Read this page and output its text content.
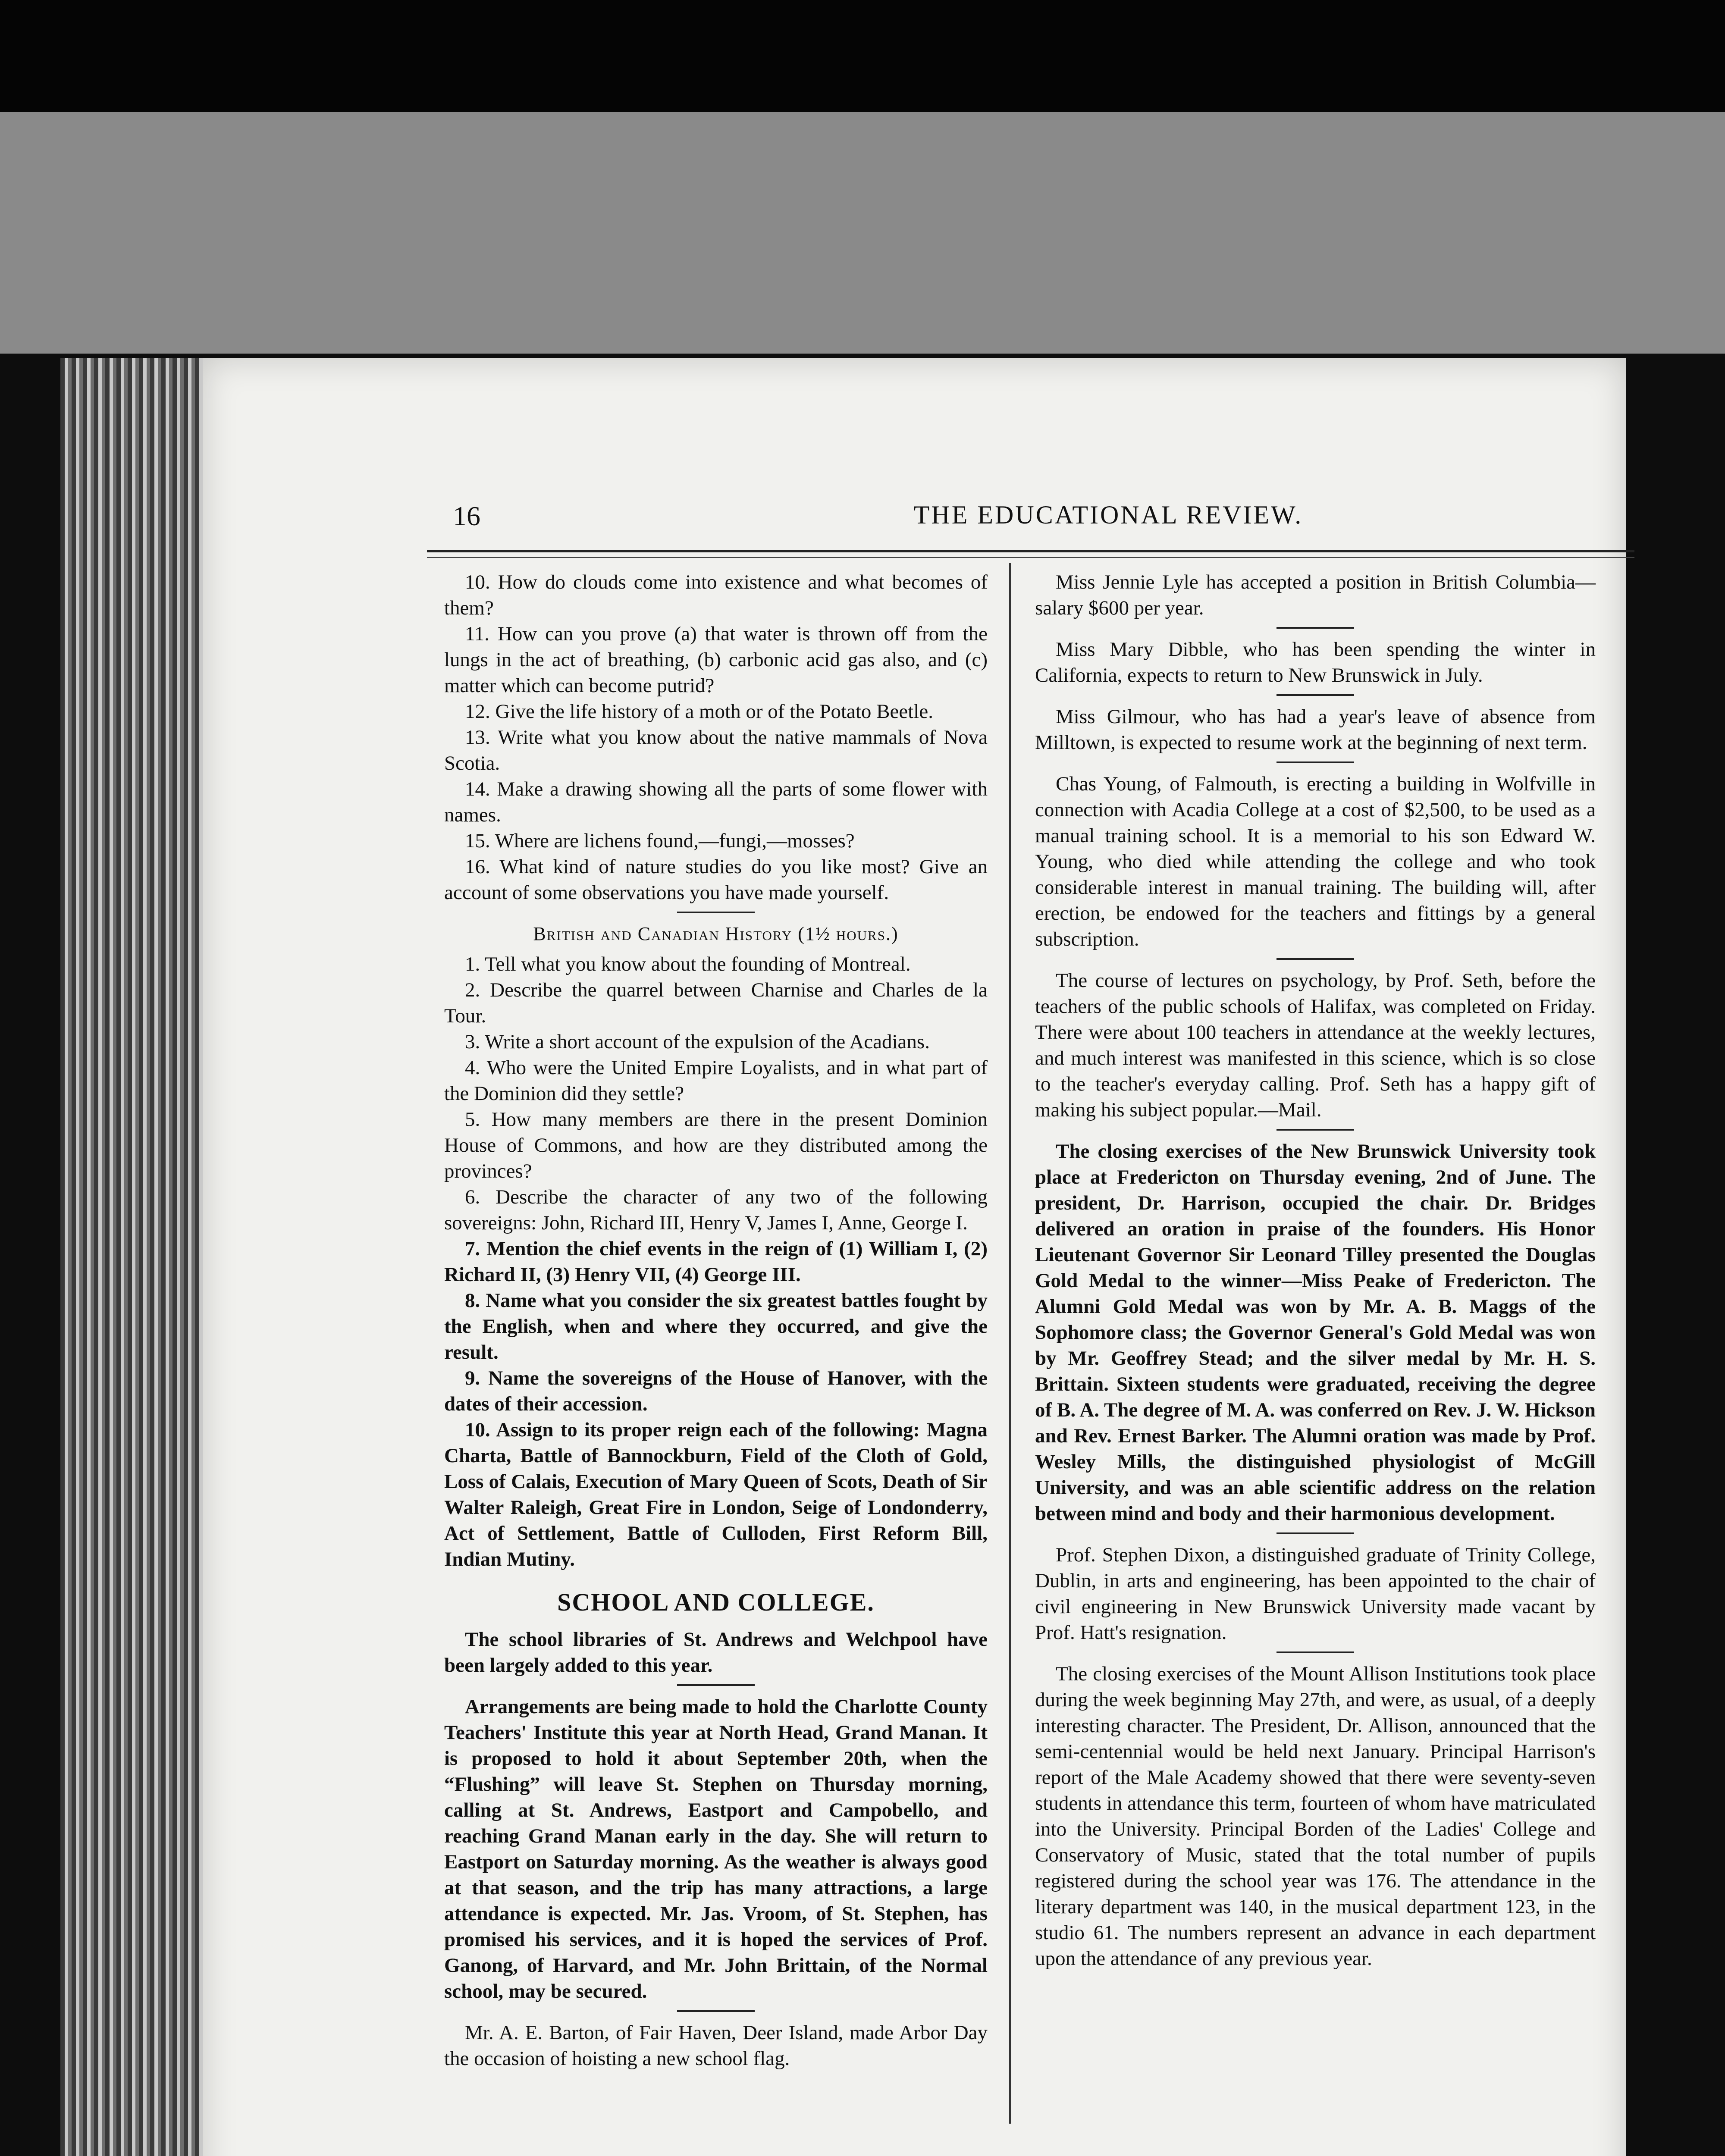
16	THE EDUCATIONAL REVIEW.

10. How do clouds come into existence and what becomes of them?

11. How can you prove (a) that water is thrown off from the lungs in the act of breathing, (b) carbonic acid gas also, and (c) matter which can become putrid?

12. Give the life history of a moth or of the Potato Beetle.

13. Write what you know about the native mammals of Nova Scotia.

14. Make a drawing showing all the parts of some flower with names.

15. Where are lichens found,—fungi,—mosses?

16. What kind of nature studies do you like most? Give an account of some observations you have made yourself.

British and Canadian History (1½ hours.)

1. Tell what you know about the founding of Montreal.

2. Describe the quarrel between Charnise and Charles de la Tour.

3. Write a short account of the expulsion of the Acadians.

4. Who were the United Empire Loyalists, and in what part of the Dominion did they settle?

5. How many members are there in the present Dominion House of Commons, and how are they distributed among the provinces?

6. Describe the character of any two of the following sovereigns: John, Richard III, Henry V, James I, Anne, George I.

7. Mention the chief events in the reign of (1) William I, (2) Richard II, (3) Henry VII, (4) George III.

8. Name what you consider the six greatest battles fought by the English, when and where they occurred, and give the result.

9. Name the sovereigns of the House of Hanover, with the dates of their accession.

10. Assign to its proper reign each of the following: Magna Charta, Battle of Bannockburn, Field of the Cloth of Gold, Loss of Calais, Execution of Mary Queen of Scots, Death of Sir Walter Raleigh, Great Fire in London, Seige of Londonderry, Act of Settlement, Battle of Culloden, First Reform Bill, Indian Mutiny.

SCHOOL AND COLLEGE.

The school libraries of St. Andrews and Welchpool have been largely added to this year.

Arrangements are being made to hold the Charlotte County Teachers' Institute this year at North Head, Grand Manan. It is proposed to hold it about September 20th, when the “Flushing” will leave St. Stephen on Thursday morning, calling at St. Andrews, Eastport and Campobello, and reaching Grand Manan early in the day. She will return to Eastport on Saturday morning. As the weather is always good at that season, and the trip has many attractions, a large attendance is expected. Mr. Jas. Vroom, of St. Stephen, has promised his services, and it is hoped the services of Prof. Ganong, of Harvard, and Mr. John Brittain, of the Normal school, may be secured.

Mr. A. E. Barton, of Fair Haven, Deer Island, made Arbor Day the occasion of hoisting a new school flag.

Miss Jennie Lyle has accepted a position in British Columbia—salary $600 per year.

Miss Mary Dibble, who has been spending the winter in California, expects to return to New Brunswick in July.

Miss Gilmour, who has had a year's leave of absence from Milltown, is expected to resume work at the beginning of next term.

Chas Young, of Falmouth, is erecting a building in Wolfville in connection with Acadia College at a cost of $2,500, to be used as a manual training school. It is a memorial to his son Edward W. Young, who died while attending the college and who took considerable interest in manual training. The building will, after erection, be endowed for the teachers and fittings by a general subscription.

The course of lectures on psychology, by Prof. Seth, before the teachers of the public schools of Halifax, was completed on Friday. There were about 100 teachers in attendance at the weekly lectures, and much interest was manifested in this science, which is so close to the teacher's everyday calling. Prof. Seth has a happy gift of making his subject popular.—Mail.

The closing exercises of the New Brunswick University took place at Fredericton on Thursday evening, 2nd of June. The president, Dr. Harrison, occupied the chair. Dr. Bridges delivered an oration in praise of the founders. His Honor Lieutenant Governor Sir Leonard Tilley presented the Douglas Gold Medal to the winner—Miss Peake of Fredericton. The Alumni Gold Medal was won by Mr. A. B. Maggs of the Sophomore class; the Governor General's Gold Medal was won by Mr. Geoffrey Stead; and the silver medal by Mr. H. S. Brittain. Sixteen students were graduated, receiving the degree of B. A. The degree of M. A. was conferred on Rev. J. W. Hickson and Rev. Ernest Barker. The Alumni oration was made by Prof. Wesley Mills, the distinguished physiologist of McGill University, and was an able scientific address on the relation between mind and body and their harmonious development.

Prof. Stephen Dixon, a distinguished graduate of Trinity College, Dublin, in arts and engineering, has been appointed to the chair of civil engineering in New Brunswick University made vacant by Prof. Hatt's resignation.

The closing exercises of the Mount Allison Institutions took place during the week beginning May 27th, and were, as usual, of a deeply interesting character. The President, Dr. Allison, announced that the semi-centennial would be held next January. Principal Harrison's report of the Male Academy showed that there were seventy-seven students in attendance this term, fourteen of whom have matriculated into the University. Principal Borden of the Ladies' College and Conservatory of Music, stated that the total number of pupils registered during the school year was 176. The attendance in the literary department was 140, in the musical department 123, in the studio 61. The numbers represent an advance in each department upon the attendance of any previous year.
